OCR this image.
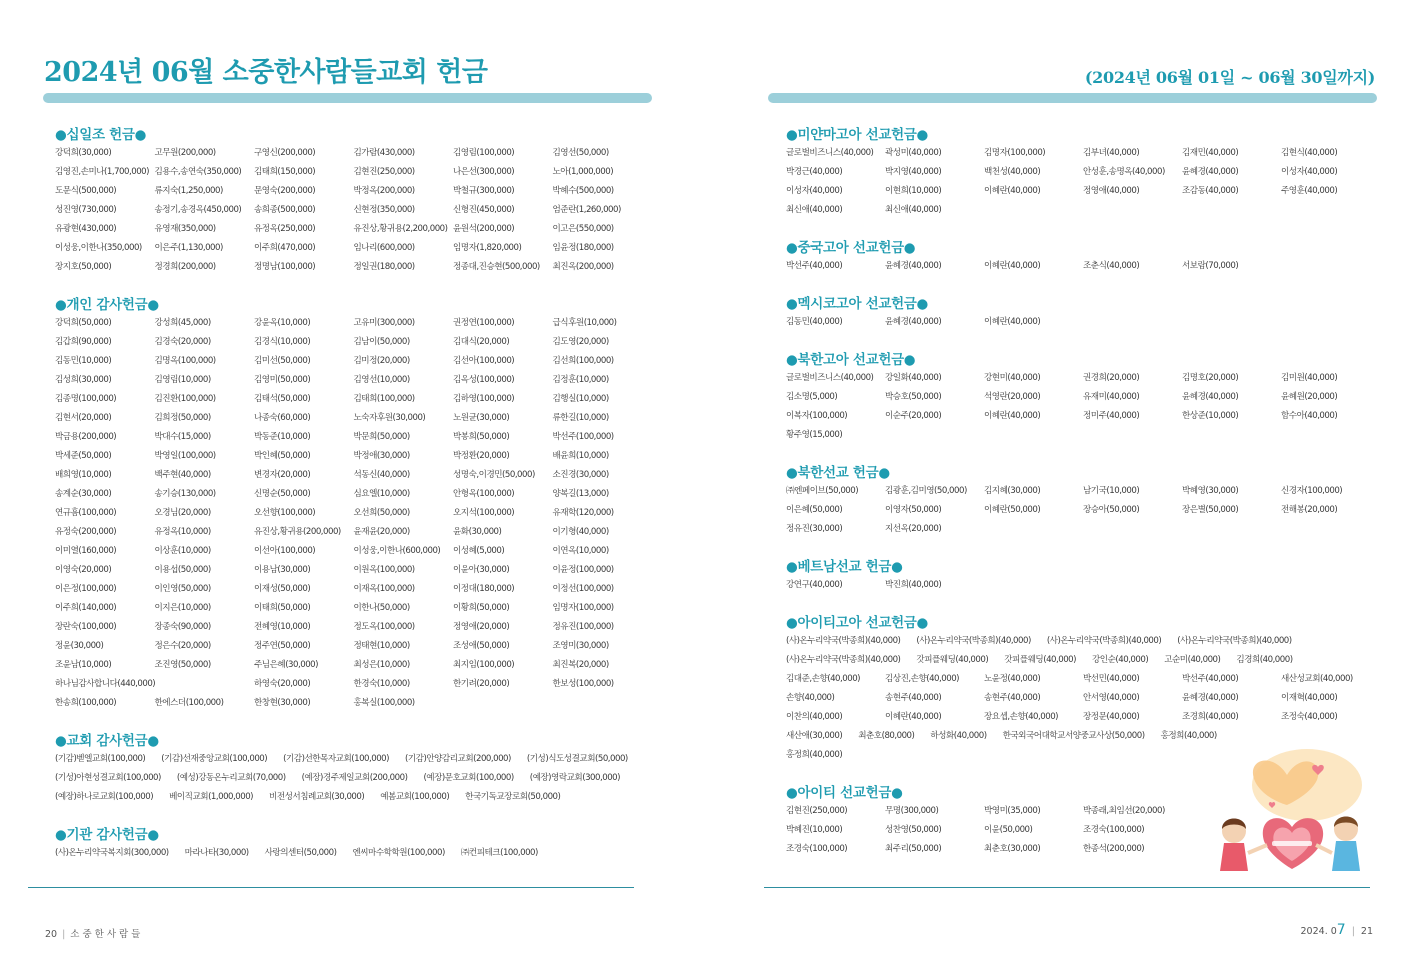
2024년 06월 소중한사람들교회 헌금	(2024년 06월 01일 ~ 06월 30일까지)
●십일조 헌금●
강덕희(30,000)	고무원(200,000)	구영신(200,000)	김가람(430,000)	김영림(100,000)	김영선(50,000)
김영진,손미나(1,700,000) 김용수,송연숙(350,000)	김태희(150,000)	김현진(250,000)	나은선(300,000)	노아(1,000,000)
도문식(500,000)	류지숙(1,250,000)	문영숙(200,000)	박정옥(200,000)	박철규(300,000)	박혜수(500,000)
성진영(730,000)	송정기,송경옥(450,000)	송희종(500,000)	신현정(350,000)	신형진(450,000)	엄준란(1,260,000)
유광현(430,000)	유영재(350,000)	유정옥(250,000)	유진상,황귀용(2,200,000) 윤원석(200,000)	이고은(550,000)
이성웅,이한나(350,000)	이은주(1,130,000)	이주희(470,000)	임나리(600,000)	임명자(1,820,000)	임윤정(180,000)
장지호(50,000)	정경희(200,000)	정명남(100,000)	정일권(180,000)	정종대,진승현(500,000)	최진옥(200,000)
●개인 감사헌금●
강덕희(50,000)	강성희(45,000)	강윤옥(10,000)	고유미(300,000)	권정연(100,000)	급식후원(10,000)
김갑희(90,000)	김경숙(20,000)	김경식(10,000)	김남이(50,000)	김대식(20,000)	김도영(20,000)
김동민(10,000)	김명옥(100,000)	김미선(50,000)	김미정(20,000)	김선아(100,000)	김선희(100,000)
김성희(30,000)	김영림(10,000)	김영미(50,000)	김영선(10,000)	김옥성(100,000)	김정훈(10,000)
김종명(100,000)	김진환(100,000)	김태석(50,000)	김태희(100,000)	김하영(100,000)	김행실(10,000)
김현서(20,000)	김희정(50,000)	나종숙(60,000)	노숙자후원(30,000)	노원균(30,000)	류한길(10,000)
박금용(200,000)	박대수(15,000)	박동준(10,000)	박문희(50,000)	박봉희(50,000)	박선주(100,000)
박세준(50,000)	박영일(100,000)	박인혜(50,000)	박정애(30,000)	박정환(20,000)	배윤희(10,000)
배희영(10,000)	백주현(40,000)	변경자(20,000)	석동신(40,000)	성명숙,이경민(50,000)	소진경(30,000)
송계순(30,000)	송기승(130,000)	신명순(50,000)	심요엘(10,000)	안형옥(100,000)	양복길(13,000)
연규흠(100,000)	오경님(20,000)	오선향(100,000)	오선희(50,000)	오지석(100,000)	유재학(120,000)
유정숙(200,000)	유정옥(10,000)	유진상,황귀용(200,000)	윤재윤(20,000)	윤화(30,000)	이기형(40,000)
이미열(160,000)	이상훈(10,000)	이선아(100,000)	이성웅,이한나(600,000)	이성혜(5,000)	이연옥(10,000)
이영숙(20,000)	이용섭(50,000)	이용남(30,000)	이원옥(100,000)	이윤아(30,000)	이윤정(100,000)
이은정(100,000)	이인영(50,000)	이재성(50,000)	이재옥(100,000)	이정대(180,000)	이정선(100,000)
이주희(140,000)	이지은(10,000)	이태희(50,000)	이한나(50,000)	이황희(50,000)	임명자(100,000)
장란숙(100,000)	장종숙(90,000)	전혜영(10,000)	정도옥(100,000)	정영애(20,000)	정유진(100,000)
정윤(30,000)	정은수(20,000)	정주연(50,000)	정태현(10,000)	조성애(50,000)	조영미(30,000)
조윤남(10,000)	조진영(50,000)	주님은혜(30,000)	최성은(10,000)	최지임(100,000)	최진복(20,000)
하나님감사합니다(440,000)	하영숙(20,000)	한경숙(10,000)	한기려(20,000)	한보성(100,000)
한송희(100,000)	한에스더(100,000)	한창현(30,000)	홍복실(100,000)
●교회 감사헌금●
(기감)벧엘교회(100,000) (기감)선재중앙교회(100,000) (기감)선한목자교회(100,000) (기감)안양감리교회(200,000) (기성)식도성결교회(50,000)
(기성)아현성결교회(100,000) (예성)강동온누리교회(70,000) (예장)경주제일교회(200,000) (예장)문호교회(100,000) (예장)영락교회(300,000)
(예장)하나로교회(100,000) 베이직교회(1,000,000) 비전성서침례교회(30,000) 예봄교회(100,000) 한국기독교장로회(50,000)
●기관 감사헌금●
(사)온누리약국복지회(300,000) 마라나타(30,000) 사랑의센터(50,000) 엔씨마수학학원(100,000) ㈜컨피테크(100,000)
●미얀마고아 선교헌금●
글로벌비즈니스(40,000)	곽성미(40,000)	김명자(100,000)	김부녀(40,000)	김재민(40,000)	김현식(40,000)
박경근(40,000)	박지영(40,000)	백천성(40,000)	안성훈,송명옥(40,000)	윤혜경(40,000)	이성자(40,000)
이성자(40,000)	이현희(10,000)	이혜란(40,000)	정영애(40,000)	조감동(40,000)	주영훈(40,000)
최신애(40,000)	최신애(40,000)
●중국고아 선교헌금●
박선주(40,000)	윤혜경(40,000)	이혜란(40,000)	조춘식(40,000)	서보람(70,000)
●멕시코고아 선교헌금●
김동민(40,000)	윤혜경(40,000)	이혜란(40,000)
●북한고아 선교헌금●
글로벌비즈니스(40,000)	강일화(40,000)	강현미(40,000)	권경희(20,000)	김명호(20,000)	김미원(40,000)
김소명(5,000)	박승호(50,000)	석영란(20,000)	유재미(40,000)	윤혜경(40,000)	윤혜원(20,000)
이복자(100,000)	이순주(20,000)	이혜란(40,000)	정미주(40,000)	한상준(10,000)	함수아(40,000)
황주영(15,000)
●북한선교 헌금●
㈜엔페이브(50,000)	김광훈,김미영(50,000)	김지혜(30,000)	남기국(10,000)	박혜영(30,000)	신경자(100,000)
이은혜(50,000)	이영자(50,000)	이혜란(50,000)	장승아(50,000)	장은별(50,000)	전해봉(20,000)
정유진(30,000)	지선옥(20,000)
●베트남선교 헌금●
강연구(40,000)	박진희(40,000)
●아이티고아 선교헌금●
(사)온누리약국(박종희)(40,000) (사)온누리약국(박종희)(40,000) (사)온누리약국(박종희)(40,000) (사)온누리약국(박종희)(40,000)
(사)온누리약국(박종희)(40,000) 갓피플웨딩(40,000) 갓피플웨딩(40,000) 강인순(40,000) 고순미(40,000) 김경희(40,000)
김대준,손향(40,000)	김상진,손향(40,000)	노윤정(40,000)	박선민(40,000)	박선주(40,000)	새산성교회(40,000)
손향(40,000)	송현주(40,000)	송현주(40,000)	안서영(40,000)	윤혜경(40,000)	이재혁(40,000)
이찬의(40,000)	이혜란(40,000)	장요셉,손향(40,000)	장정문(40,000)	조경희(40,000)	조정숙(40,000)
새산애(30,000) 최춘호(80,000) 하성화(40,000) 한국외국어대학교서양중교사상(50,000) 홍정희(40,000)
홍정희(40,000)
●아이티 선교헌금●
김현진(250,000)	무명(300,000)	박영미(35,000)	박종래,최임선(20,000)
박혜진(10,000)	성찬영(50,000)	이윤(50,000)	조경숙(100,000)
조경숙(100,000)	최주리(50,000)	최춘호(30,000)	한종석(200,000)
20 | 소중한사람들	2024. 07 | 21
